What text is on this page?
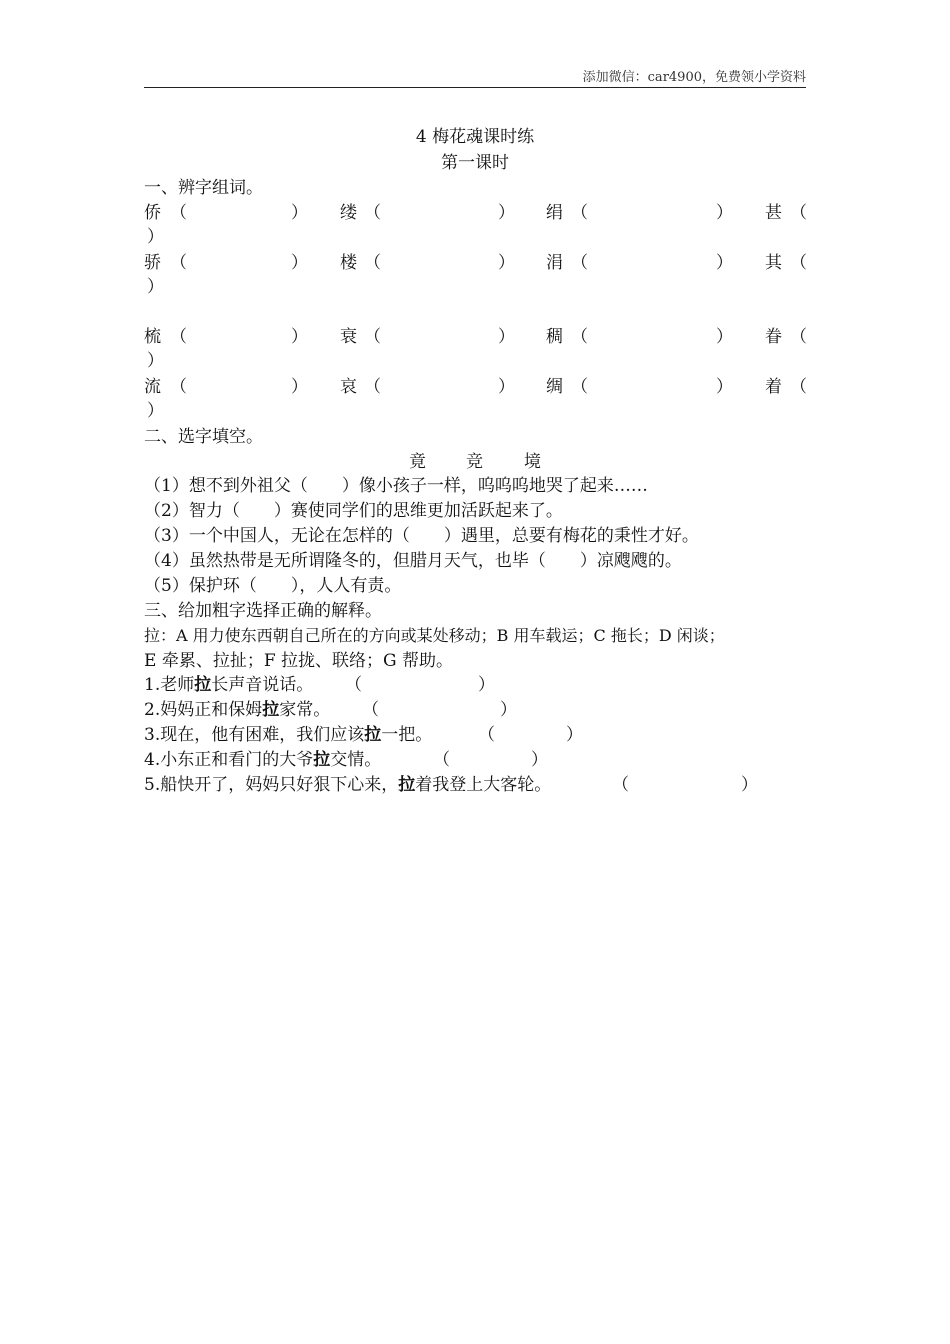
添加微信：car4900，免费领小学资料
4 梅花魂课时练
第一课时
一、辨字组词。
侨 （	） 缕 （	） 绢 （	） 甚 （
）
骄 （	） 楼 （	） 涓 （	） 其 （
）
梳 （	） 衰 （	） 稠 （	） 眷 （
）
流 （	） 哀 （	） 绸 （	） 着 （
）
二、选字填空。
竟 竞 境
（1）想不到外祖父（　　）像小孩子一样，呜呜呜地哭了起来……
（2）智力（　　）赛使同学们的思维更加活跃起来了。
（3）一个中国人，无论在怎样的（　　）遇里，总要有梅花的秉性才好。
（4）虽然热带是无所谓隆冬的，但腊月天气，也毕（　　）凉飕飕的。
（5）保护环（　　），人人有责。
三、给加粗字选择正确的解释。
拉：A 用力使东西朝自己所在的方向或某处移动；B 用车载运；C 拖长；D 闲谈；
E 牵累、拉扯；F 拉拢、联络；G 帮助。
1.老师拉长声音说话。 （	）
2.妈妈正和保姆拉家常。 （	）
3.现在，他有困难，我们应该拉一把。	（	）
4.小东正和看门的大爷拉交情。	（	）
5.船快开了，妈妈只好狠下心来，拉着我登上大客轮。	（	）
